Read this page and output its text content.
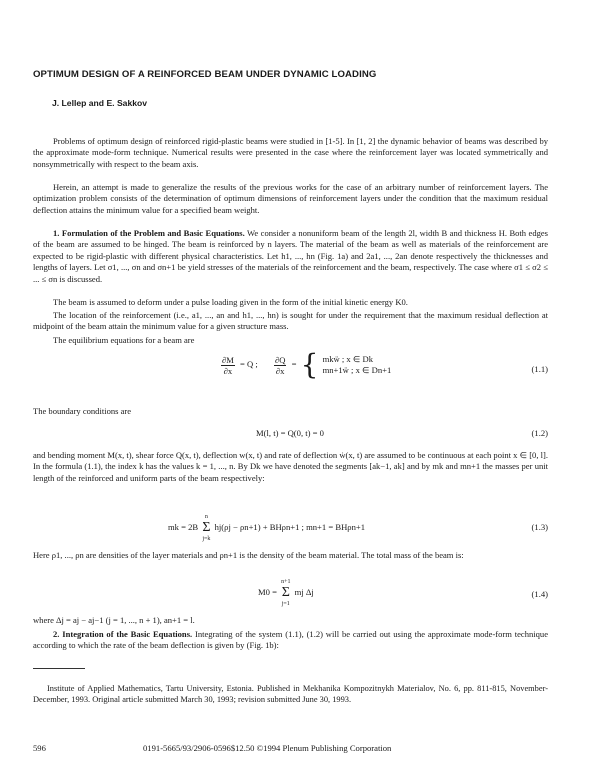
OPTIMUM DESIGN OF A REINFORCED BEAM UNDER DYNAMIC LOADING
J. Lellep and E. Sakkov

Problems of optimum design of reinforced rigid-plastic beams were studied in [1-5]. In [1, 2] the dynamic behavior of beams was described by the approximate mode-form technique. Numerical results were presented in the case where the reinforcement layer was located symmetrically and nonsymmetrically with respect to the beam axis.

Herein, an attempt is made to generalize the results of the previous works for the case of an arbitrary number of reinforcement layers. The optimization problem consists of the determination of optimum dimensions of reinforcement layers under the condition that the maximum residual deflection attains the minimum value for a specified beam weight.

1. Formulation of the Problem and Basic Equations. We consider a nonuniform beam of the length 2l, width B and thickness H. Both edges of the beam are assumed to be hinged. The beam is reinforced by n layers. The material of the beam as well as materials of the reinforcement are expected to be rigid-plastic with different physical characteristics. Let h1, ..., hn (Fig. 1a) and 2a1, ..., 2an denote respectively the thicknesses and lengths of layers. Let σ1, ..., σn and σn+1 be yield stresses of the materials of the reinforcement and the beam, respectively. The case where σ1 ≤ σ2 ≤ ... ≤ σn is discussed.

The beam is assumed to deform under a pulse loading given in the form of the initial kinetic energy K0.

The location of the reinforcement (i.e., a1, ..., an and h1, ..., hn) is sought for under the requirement that the maximum residual deflection at midpoint of the beam attain the minimum value for a given structure mass.

The equilibrium equations for a beam are

$\frac{\partial M}{\partial x} = Q$ ; $\frac{\partial Q}{\partial x}$ = { mkẅ ; x ∈ Dk
mn+1ẅ ; x ∈ Dn+1	(1.1)

The boundary conditions are

M(l, t) = Q(0, t) = 0	(1.2)

and bending moment M(x, t), shear force Q(x, t), deflection w(x, t) and rate of deflection ẇ(x, t) are assumed to be continuous at each point x ∈ [0, l]. In the formula (1.1), the index k has the values k = 1, ..., n. By Dk we have denoted the segments [ak−1, ak] and by mk and mn+1 the masses per unit length of the reinforced and uniform parts of the beam respectively:

mk = 2B
n
Σ
j=k
hj(ρj − ρn+1) + BHρn+1 ; mn+1 = BHρn+1	(1.3)

Here ρ1, ..., ρn are densities of the layer materials and ρn+1 is the density of the beam material. The total mass of the beam is:

M0 =
n+1
Σ
j=1
mj Δj	(1.4)

where Δj = aj − aj−1 (j = 1, ..., n + 1), an+1 = l.

2. Integration of the Basic Equations. Integrating of the system (1.1), (1.2) will be carried out using the approximate mode-form technique according to which the rate of the beam deflection is given by (Fig. 1b):

Institute of Applied Mathematics, Tartu University, Estonia. Published in Mekhanika Kompozitnykh Materialov, No. 6, pp. 811-815, November-December, 1993. Original article submitted March 30, 1993; revision submitted June 30, 1993.

596	0191-5665/93/2906-0596$12.50 ©1994 Plenum Publishing Corporation
